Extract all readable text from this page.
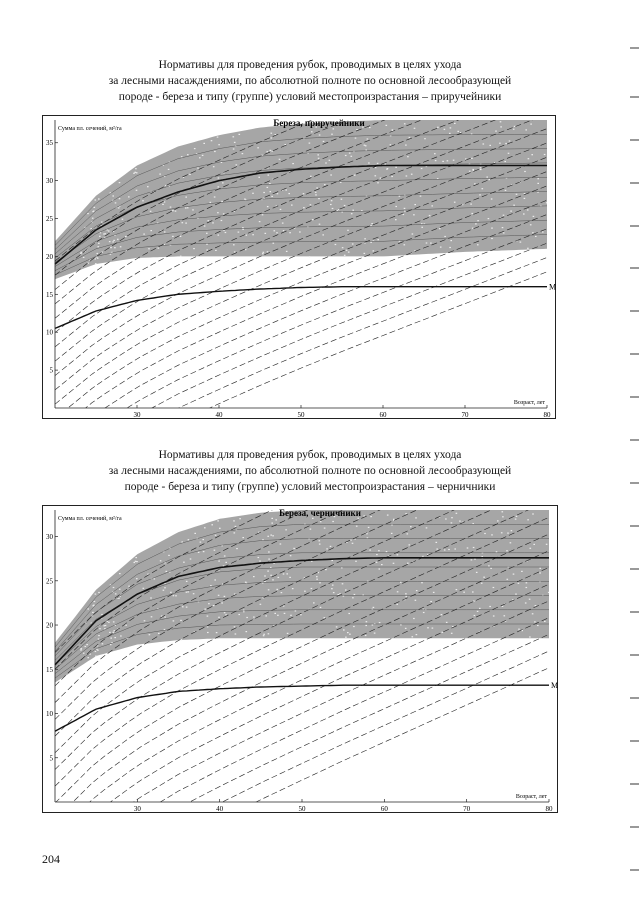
Нормативы для проведения рубок, проводимых в целях ухода
за лесными насаждениями, по абсолютной полноте по основной лесообразующей
породе - береза и типу (группе) условий местопроизрастания – приручейники
М
30	40	50	60	70	80
5
10
15
20
25
30
35
Береза, приручейники
Сумма пл. сечений, м²/га
Возраст, лет
Нормативы для проведения рубок, проводимых в целях ухода
за лесными насаждениями, по абсолютной полноте по основной лесообразующей
породе - береза и типу (группе) условий местопроизрастания – черничники
М
30	40	50	60	70	80
5
10
15
20
25
30
Береза, черничники
Сумма пл. сечений, м²/га
Возраст, лет
204
